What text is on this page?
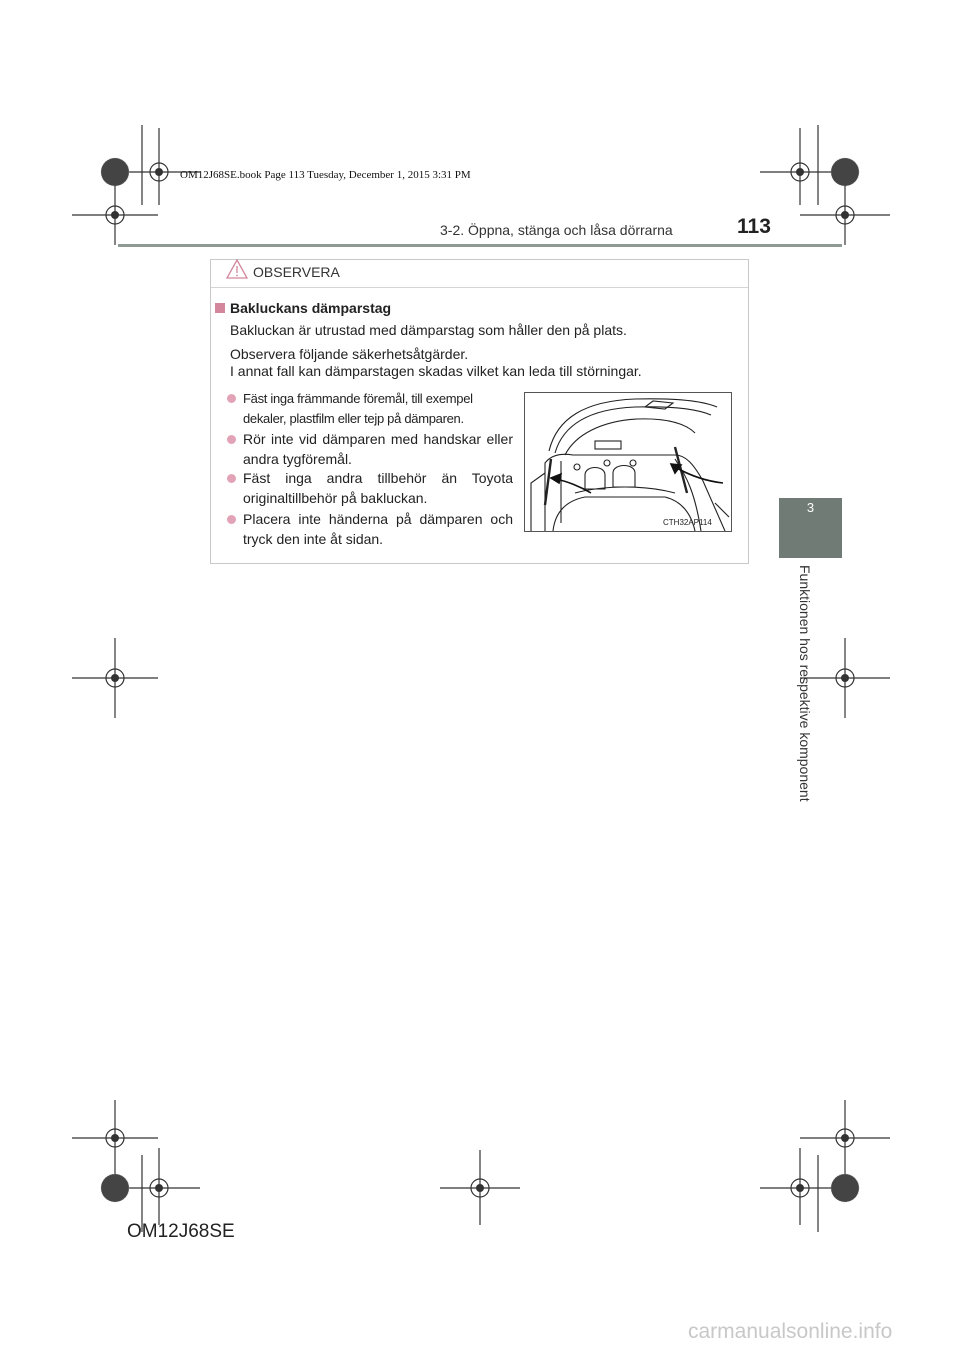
OM12J68SE.book Page 113 Tuesday, December 1, 2015 3:31 PM
3-2. Öppna, stänga och låsa dörrarna	113
3
Funktionen hos respektive komponent
OBSERVERA
Bakluckans dämparstag
Bakluckan är utrustad med dämparstag som håller den på plats.
Observera följande säkerhetsåtgärder.
I annat fall kan dämparstagen skadas vilket kan leda till störningar.
Fäst inga främmande föremål, till exempel dekaler, plastfilm eller tejp på dämparen.
Rör inte vid dämparen med handskar eller andra tygföremål.
Fäst inga andra tillbehör än Toyota originaltillbehör på bakluckan.
Placera inte händerna på dämparen och tryck den inte åt sidan.
CTH32AP114
OM12J68SE
carmanualsonline.info
